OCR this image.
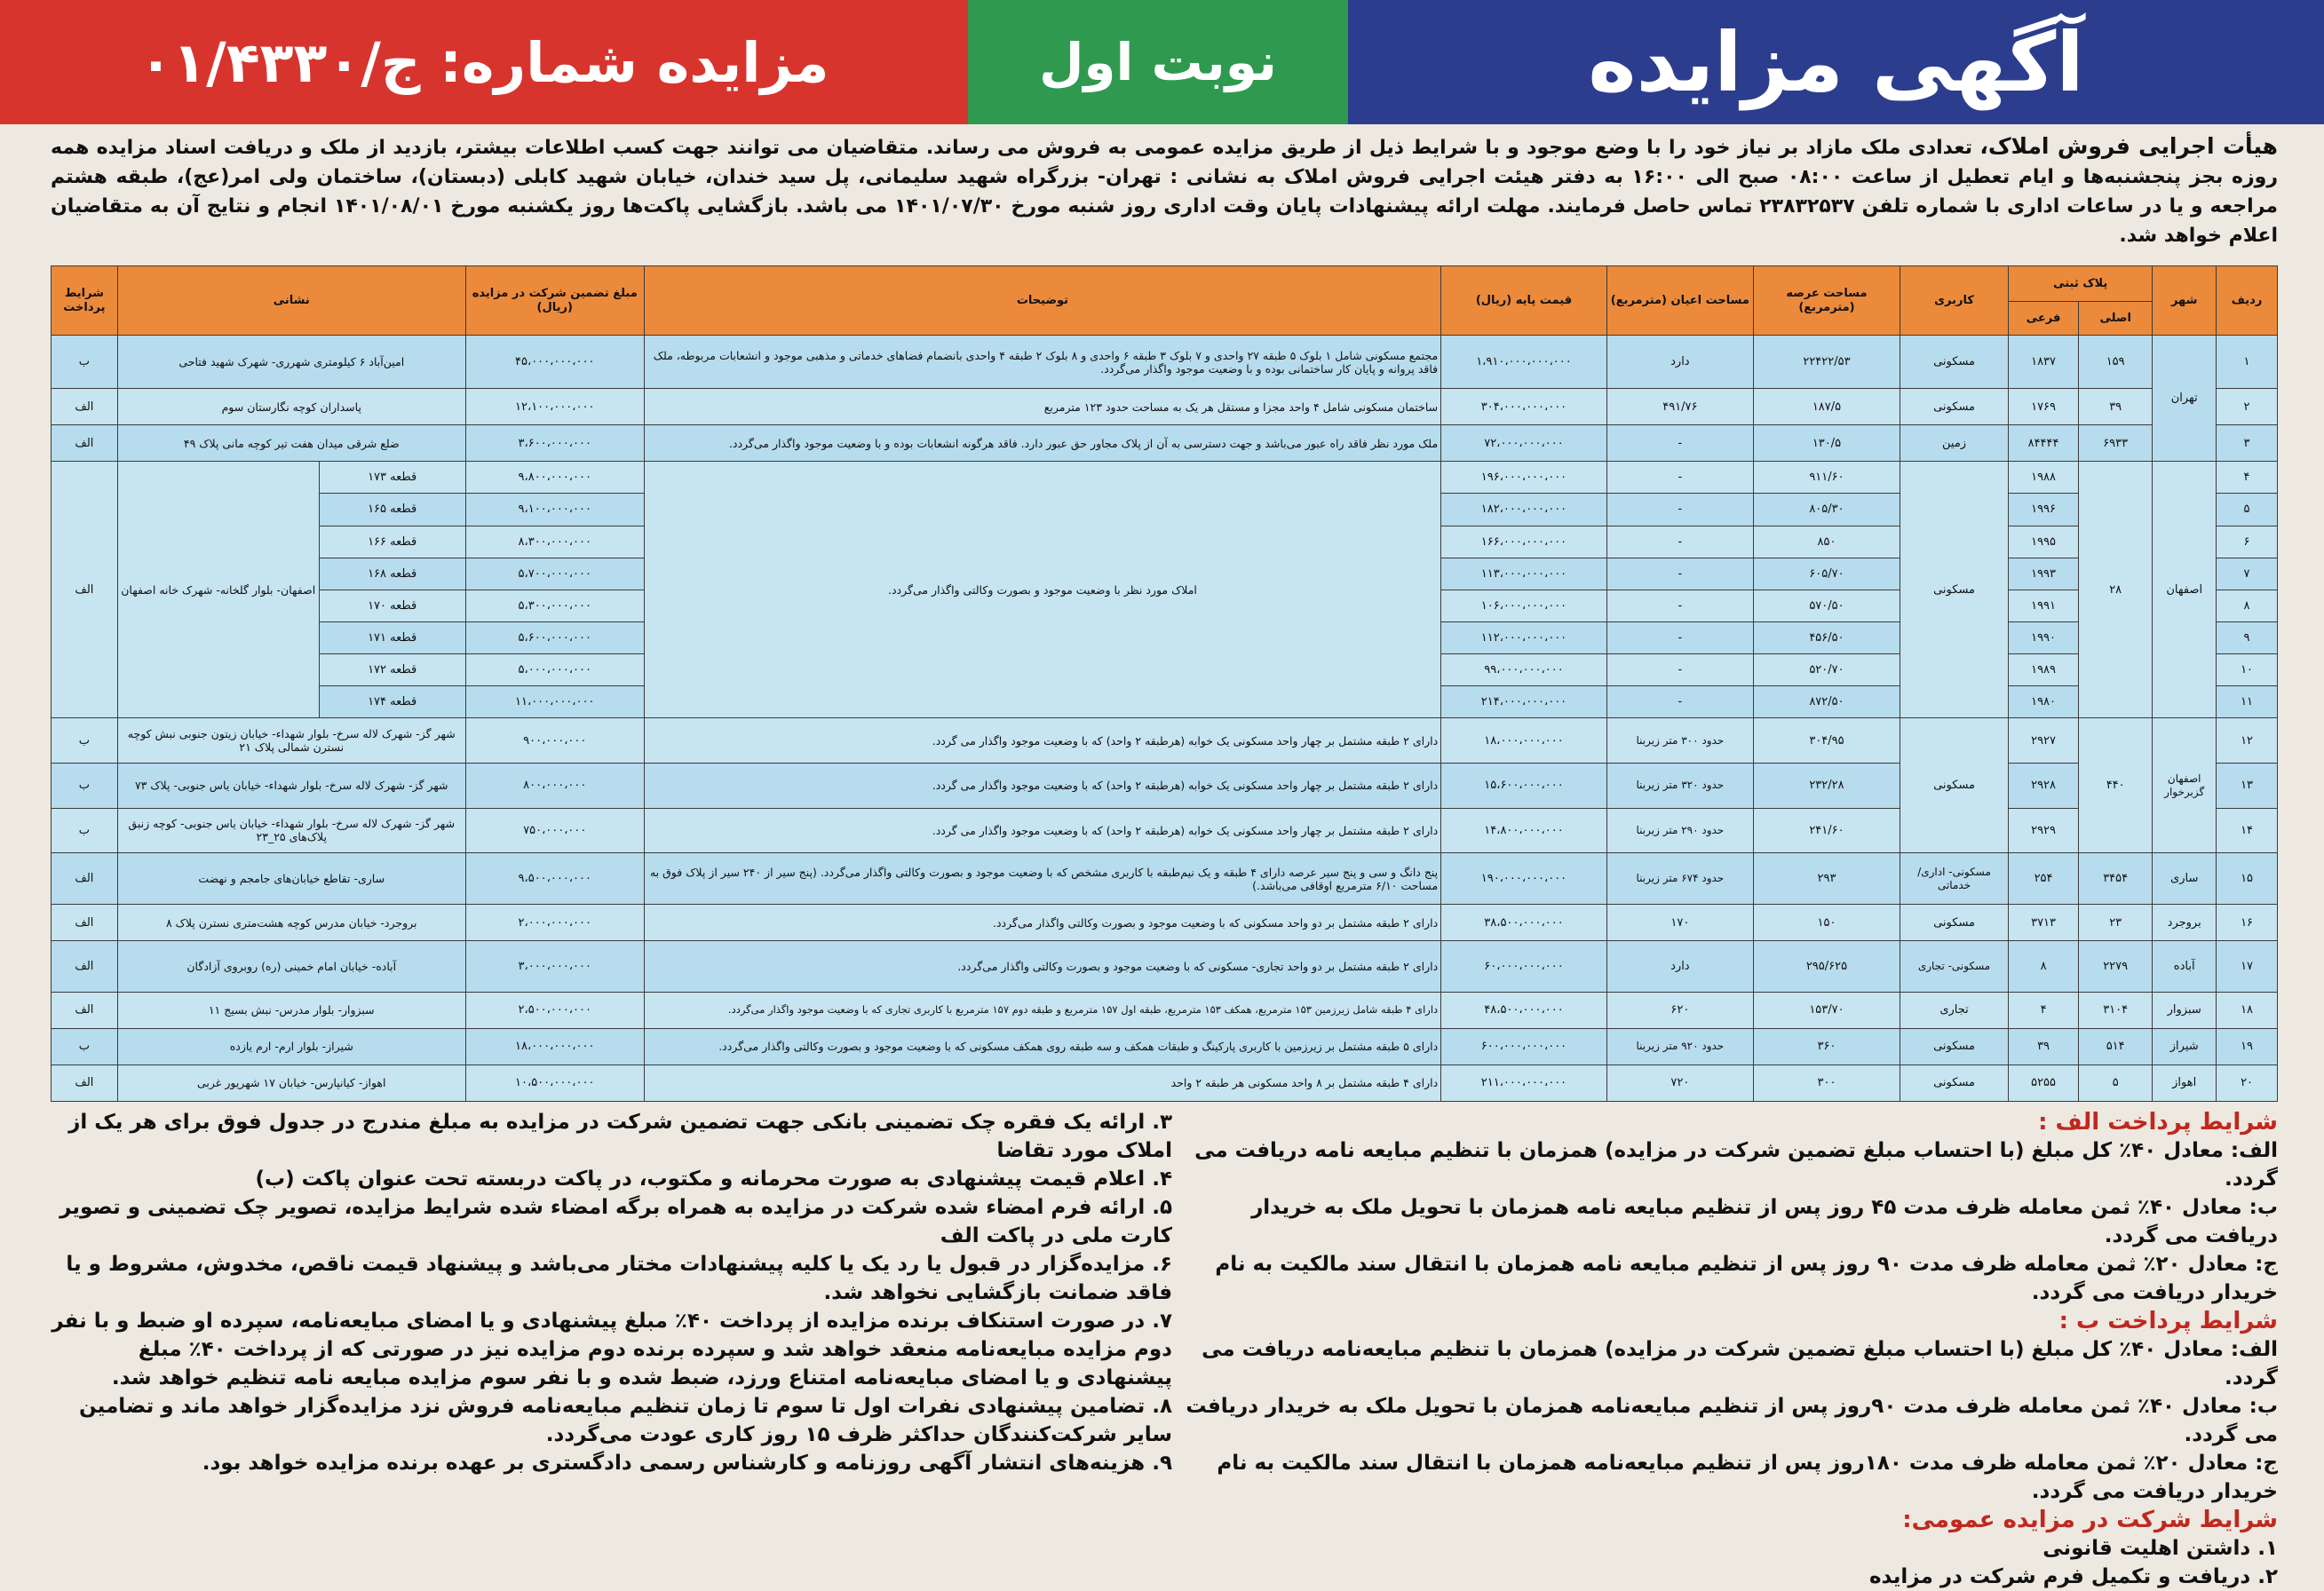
مزایده شماره: ج/۰۱/۴۳۳۰	نوبت اول	آگهی مزایده
هیأت اجرایی فروش املاک، تعدادی ملک مازاد بر نیاز خود را با وضع موجود و با شرایط ذیل از طریق مزایده عمومی به فروش می رساند. متقاضیان می توانند جهت کسب اطلاعات بیشتر، بازدید از ملک و دریافت اسناد مزایده همه روزه بجز پنجشنبه‌ها و ایام تعطیل از ساعت ۰۸:۰۰ صبح الی ۱۶:۰۰ به دفتر هیئت اجرایی فروش املاک به نشانی : تهران- بزرگراه شهید سلیمانی، پل سید خندان، خیابان شهید کابلی (دبستان)، ساختمان ولی امر(عج)، طبقه هشتم مراجعه و یا در ساعات اداری با شماره تلفن ۲۳۸۳۲۵۳۷ تماس حاصل فرمایند. مهلت ارائه پیشنهادات پایان وقت اداری روز شنبه مورخ ۱۴۰۱/۰۷/۳۰ می باشد. بازگشایی پاکت‌ها روز یکشنبه مورخ ۱۴۰۱/۰۸/۰۱ انجام و نتایج آن به متقاضیان اعلام خواهد شد.
ردیف	شهر	پلاک ثبتی		کاربری	مساحت عرصه (مترمربع)	مساحت اعیان (مترمربع)	قیمت پایه (ریال)	توضیحات	مبلغ تضمین شرکت در مزایده (ریال)	نشانی		شرایط پرداخت
		اصلی	فرعی									
۱	تهران	۱۵۹	۱۸۳۷	مسکونی	۲۲۴۲۲/۵۳	دارد	۱،۹۱۰،۰۰۰،۰۰۰،۰۰۰	مجتمع مسکونی شامل ۱ بلوک ۵ طبقه ۲۷ واحدی و ۷ بلوک ۳ طبقه ۶ واحدی و ۸ بلوک ۲ طبقه ۴ واحدی بانضمام فضاهای خدماتی و مذهبی موجود و انشعابات مربوطه، ملک فاقد پروانه و پایان کار ساختمانی بوده و با وضعیت موجود واگذار می‌گردد.	۴۵،۰۰۰،۰۰۰،۰۰۰	امین‌آباد ۶ کیلومتری شهرری- شهرک شهید فتاحی		ب
۲		۳۹	۱۷۶۹	مسکونی	۱۸۷/۵	۴۹۱/۷۶	۳۰۴،۰۰۰،۰۰۰،۰۰۰	ساختمان مسکونی شامل ۴ واحد مجزا و مستقل هر یک به مساحت حدود ۱۲۳ مترمربع	۱۲،۱۰۰،۰۰۰،۰۰۰	پاسداران کوچه نگارستان سوم		الف
۳		۶۹۳۳	۸۴۴۴۴	زمین	۱۳۰/۵	-	۷۲،۰۰۰،۰۰۰،۰۰۰	ملک مورد نظر فاقد راه عبور می‌باشد و جهت دسترسی به آن از پلاک مجاور حق عبور دارد. فاقد هرگونه انشعابات بوده و با وضعیت موجود واگذار می‌گردد.	۳،۶۰۰،۰۰۰،۰۰۰	ضلع شرقی میدان هفت تیر کوچه مانی پلاک ۴۹		الف
۴	اصفهان	۲۸	۱۹۸۸	مسکونی	۹۱۱/۶۰	-	۱۹۶،۰۰۰،۰۰۰،۰۰۰	املاک مورد نظر با وضعیت موجود و بصورت وکالتی واگذار می‌گردد.	۹،۸۰۰،۰۰۰،۰۰۰	قطعه ۱۷۳	اصفهان- بلوار گلخانه- شهرک خانه اصفهان	الف
۵			۱۹۹۶		۸۰۵/۳۰	-	۱۸۲،۰۰۰،۰۰۰،۰۰۰		۹،۱۰۰،۰۰۰،۰۰۰	قطعه ۱۶۵		
۶			۱۹۹۵		۸۵۰	-	۱۶۶،۰۰۰،۰۰۰،۰۰۰		۸،۳۰۰،۰۰۰،۰۰۰	قطعه ۱۶۶		
۷			۱۹۹۳		۶۰۵/۷۰	-	۱۱۳،۰۰۰،۰۰۰،۰۰۰		۵،۷۰۰،۰۰۰،۰۰۰	قطعه ۱۶۸		
۸			۱۹۹۱		۵۷۰/۵۰	-	۱۰۶،۰۰۰،۰۰۰،۰۰۰		۵،۳۰۰،۰۰۰،۰۰۰	قطعه ۱۷۰		
۹			۱۹۹۰		۴۵۶/۵۰	-	۱۱۲،۰۰۰،۰۰۰،۰۰۰		۵،۶۰۰،۰۰۰،۰۰۰	قطعه ۱۷۱		
۱۰			۱۹۸۹		۵۲۰/۷۰	-	۹۹،۰۰۰،۰۰۰،۰۰۰		۵،۰۰۰،۰۰۰،۰۰۰	قطعه ۱۷۲		
۱۱			۱۹۸۰		۸۷۲/۵۰	-	۲۱۴،۰۰۰،۰۰۰،۰۰۰		۱۱،۰۰۰،۰۰۰،۰۰۰	قطعه ۱۷۴		
۱۲	اصفهان گزبرخوار	۴۴۰	۲۹۲۷	مسکونی	۳۰۴/۹۵	حدود ۳۰۰ متر زیربنا	۱۸،۰۰۰،۰۰۰،۰۰۰	دارای ۲ طبقه مشتمل بر چهار واحد مسکونی یک خوابه (هرطبقه ۲ واحد) که با وضعیت موجود واگذار می گردد.	۹۰۰،۰۰۰،۰۰۰	شهر گز- شهرک لاله سرخ- بلوار شهداء- خیابان زیتون جنوبی نبش کوچه نسترن شمالی پلاک ۲۱		ب
۱۳			۲۹۲۸		۲۳۲/۲۸	حدود ۳۲۰ متر زیربنا	۱۵،۶۰۰،۰۰۰،۰۰۰	دارای ۲ طبقه مشتمل بر چهار واحد مسکونی یک خوابه (هرطبقه ۲ واحد) که با وضعیت موجود واگذار می گردد.	۸۰۰،۰۰۰،۰۰۰	شهر گز- شهرک لاله سرخ- بلوار شهداء- خیابان یاس جنوبی- پلاک ۷۳		ب
۱۴			۲۹۲۹		۲۴۱/۶۰	حدود ۲۹۰ متر زیربنا	۱۴،۸۰۰،۰۰۰،۰۰۰	دارای ۲ طبقه مشتمل بر چهار واحد مسکونی یک خوابه (هرطبقه ۲ واحد) که با وضعیت موجود واگذار می گردد.	۷۵۰،۰۰۰،۰۰۰	شهر گز- شهرک لاله سرخ- بلوار شهداء- خیابان یاس جنوبی- کوچه زنبق پلاک‌های ۲۵_۲۳		ب
۱۵	ساری	۳۴۵۴	۲۵۴	مسکونی- اداری/خدماتی	۲۹۳	حدود ۶۷۴ متر زیربنا	۱۹۰،۰۰۰،۰۰۰،۰۰۰	پنج دانگ و سی و پنج سیر عرصه دارای ۴ طبقه و یک نیم‌طبقه با کاربری مشخص که با وضعیت موجود و بصورت وکالتی واگذار می‌گردد. (پنج سیر از ۲۴۰ سیر از پلاک فوق به مساحت ۶/۱۰ مترمربع اوقافی می‌باشد.)	۹،۵۰۰،۰۰۰،۰۰۰	ساری- تقاطع خیابان‌های جامجم و نهضت		الف
۱۶	بروجرد	۲۳	۳۷۱۳	مسکونی	۱۵۰	۱۷۰	۳۸،۵۰۰،۰۰۰،۰۰۰	دارای ۲ طبقه مشتمل بر دو واحد مسکونی که با وضعیت موجود و بصورت وکالتی واگذار می‌گردد.	۲،۰۰۰،۰۰۰،۰۰۰	بروجرد- خیابان مدرس کوچه هشت‌متری نسترن پلاک ۸		الف
۱۷	آباده	۲۲۷۹	۸	مسکونی- تجاری	۲۹۵/۶۲۵	دارد	۶۰،۰۰۰،۰۰۰،۰۰۰	دارای ۲ طبقه مشتمل بر دو واحد تجاری- مسکونی که با وضعیت موجود و بصورت وکالتی واگذار می‌گردد.	۳،۰۰۰،۰۰۰،۰۰۰	آباده- خیابان امام خمینی (ره) روبروی آزادگان		الف
۱۸	سبزوار	۳۱۰۴	۴	تجاری	۱۵۳/۷۰	۶۲۰	۴۸،۵۰۰،۰۰۰،۰۰۰	دارای ۴ طبقه شامل زیرزمین ۱۵۳ مترمربع، همکف ۱۵۳ مترمربع، طبقه اول ۱۵۷ مترمربع و طبقه دوم ۱۵۷ مترمربع با کاربری تجاری که با وضعیت موجود واگذار می‌گردد.	۲،۵۰۰،۰۰۰،۰۰۰	سبزوار- بلوار مدرس- نبش بسیج ۱۱		الف
۱۹	شیراز	۵۱۴	۳۹	مسکونی	۳۶۰	حدود ۹۲۰ متر زیربنا	۶۰۰،۰۰۰،۰۰۰،۰۰۰	دارای ۵ طبقه مشتمل بر زیرزمین با کاربری پارکینگ و طبقات همکف و سه طبقه روی همکف مسکونی که با وضعیت موجود و بصورت وکالتی واگذار می‌گردد.	۱۸،۰۰۰،۰۰۰،۰۰۰	شیراز- بلوار ارم- ارم یازده		ب
۲۰	اهواز	۵	۵۲۵۵	مسکونی	۳۰۰	۷۲۰	۲۱۱،۰۰۰،۰۰۰،۰۰۰	دارای ۴ طبقه مشتمل بر ۸ واحد مسکونی هر طبقه ۲ واحد	۱۰،۵۰۰،۰۰۰،۰۰۰	اهواز- کیانپارس- خیابان ۱۷ شهریور غربی		الف
شرایط پرداخت الف :
الف: معادل ۴۰٪ کل مبلغ (با احتساب مبلغ تضمین شرکت در مزایده) همزمان با تنظیم مبایعه نامه دریافت می گردد.
ب: معادل ۴۰٪ ثمن معامله ظرف مدت ۴۵ روز پس از تنظیم مبایعه نامه همزمان با تحویل ملک به خریدار دریافت می گردد.
ج: معادل ۲۰٪ ثمن معامله ظرف مدت ۹۰ روز پس از تنظیم مبایعه نامه همزمان با انتقال سند مالکیت به نام خریدار دریافت می گردد.
شرایط پرداخت ب :
الف: معادل ۴۰٪ کل مبلغ (با احتساب مبلغ تضمین شرکت در مزایده) همزمان با تنظیم مبایعه‌نامه دریافت می گردد.
ب: معادل ۴۰٪ ثمن معامله ظرف مدت ۹۰روز پس از تنظیم مبایعه‌نامه همزمان با تحویل ملک به خریدار دریافت می گردد.
ج: معادل ۲۰٪ ثمن معامله ظرف مدت ۱۸۰روز پس از تنظیم مبایعه‌نامه همزمان با انتقال سند مالکیت به نام خریدار دریافت می گردد.
شرایط شرکت در مزایده عمومی:
۱. داشتن اهلیت قانونی
۲. دریافت و تکمیل فرم شرکت در مزایده
۳. ارائه یک فقره چک تضمینی بانکی جهت تضمین شرکت در مزایده به مبلغ مندرج در جدول فوق برای هر یک از املاک مورد تقاضا
۴. اعلام قیمت پیشنهادی به صورت محرمانه و مکتوب، در پاکت دربسته تحت عنوان پاکت (ب)
۵. ارائه فرم امضاء شده شرکت در مزایده به همراه برگه امضاء شده شرایط مزایده، تصویر چک تضمینی و تصویر کارت ملی در پاکت الف
۶. مزایده‌گزار در قبول یا رد یک یا کلیه پیشنهادات مختار می‌باشد و پیشنهاد قیمت ناقص، مخدوش، مشروط و یا فاقد ضمانت بازگشایی نخواهد شد.
۷. در صورت استنکاف برنده مزایده از پرداخت ۴۰٪ مبلغ پیشنهادی و یا امضای مبایعه‌نامه، سپرده او ضبط و با نفر دوم مزایده مبایعه‌نامه منعقد خواهد شد و سپرده برنده دوم مزایده نیز در صورتی که از پرداخت ۴۰٪ مبلغ پیشنهادی و یا امضای مبایعه‌نامه امتناع ورزد، ضبط شده و با نفر سوم مزایده مبایعه نامه تنظیم خواهد شد.
۸. تضامین پیشنهادی نفرات اول تا سوم تا زمان تنظیم مبایعه‌نامه فروش نزد مزایده‌گزار خواهد ماند و تضامین سایر شرکت‌کنندگان حداکثر ظرف ۱۵ روز کاری عودت می‌گردد.
۹. هزینه‌های انتشار آگهی روزنامه و کارشناس رسمی دادگستری بر عهده برنده مزایده خواهد بود.
